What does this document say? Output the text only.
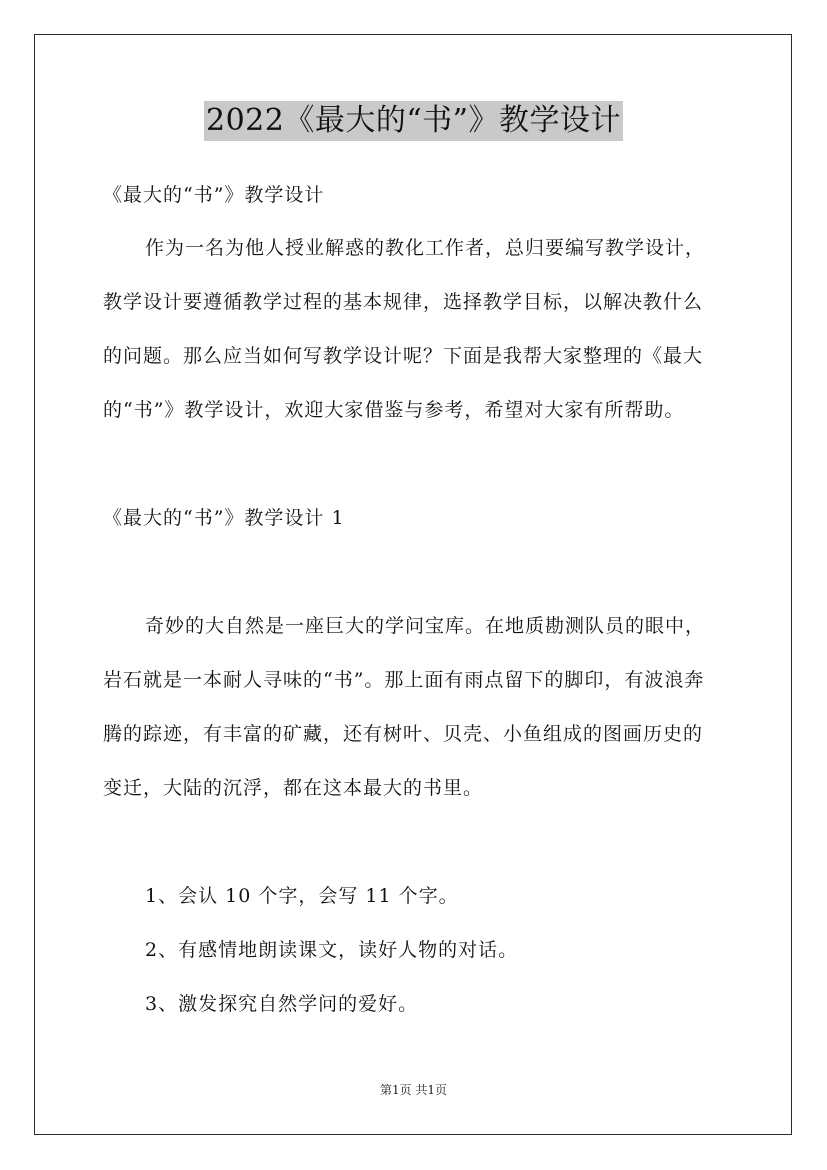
2022《最大的“书”》教学设计
《最大的“书”》教学设计
作为一名为他人授业解惑的教化工作者，总归要编写教学设计，
教学设计要遵循教学过程的基本规律，选择教学目标，以解决教什么
的问题。那么应当如何写教学设计呢？下面是我帮大家整理的《最大
的“书”》教学设计，欢迎大家借鉴与参考，希望对大家有所帮助。
《最大的“书”》教学设计 1
奇妙的大自然是一座巨大的学问宝库。在地质勘测队员的眼中，
岩石就是一本耐人寻味的“书”。那上面有雨点留下的脚印，有波浪奔
腾的踪迹，有丰富的矿藏，还有树叶、贝壳、小鱼组成的图画历史的
变迁，大陆的沉浮，都在这本最大的书里。
1、会认 10 个字，会写 11 个字。
2、有感情地朗读课文，读好人物的对话。
3、激发探究自然学问的爱好。
第1页 共1页
